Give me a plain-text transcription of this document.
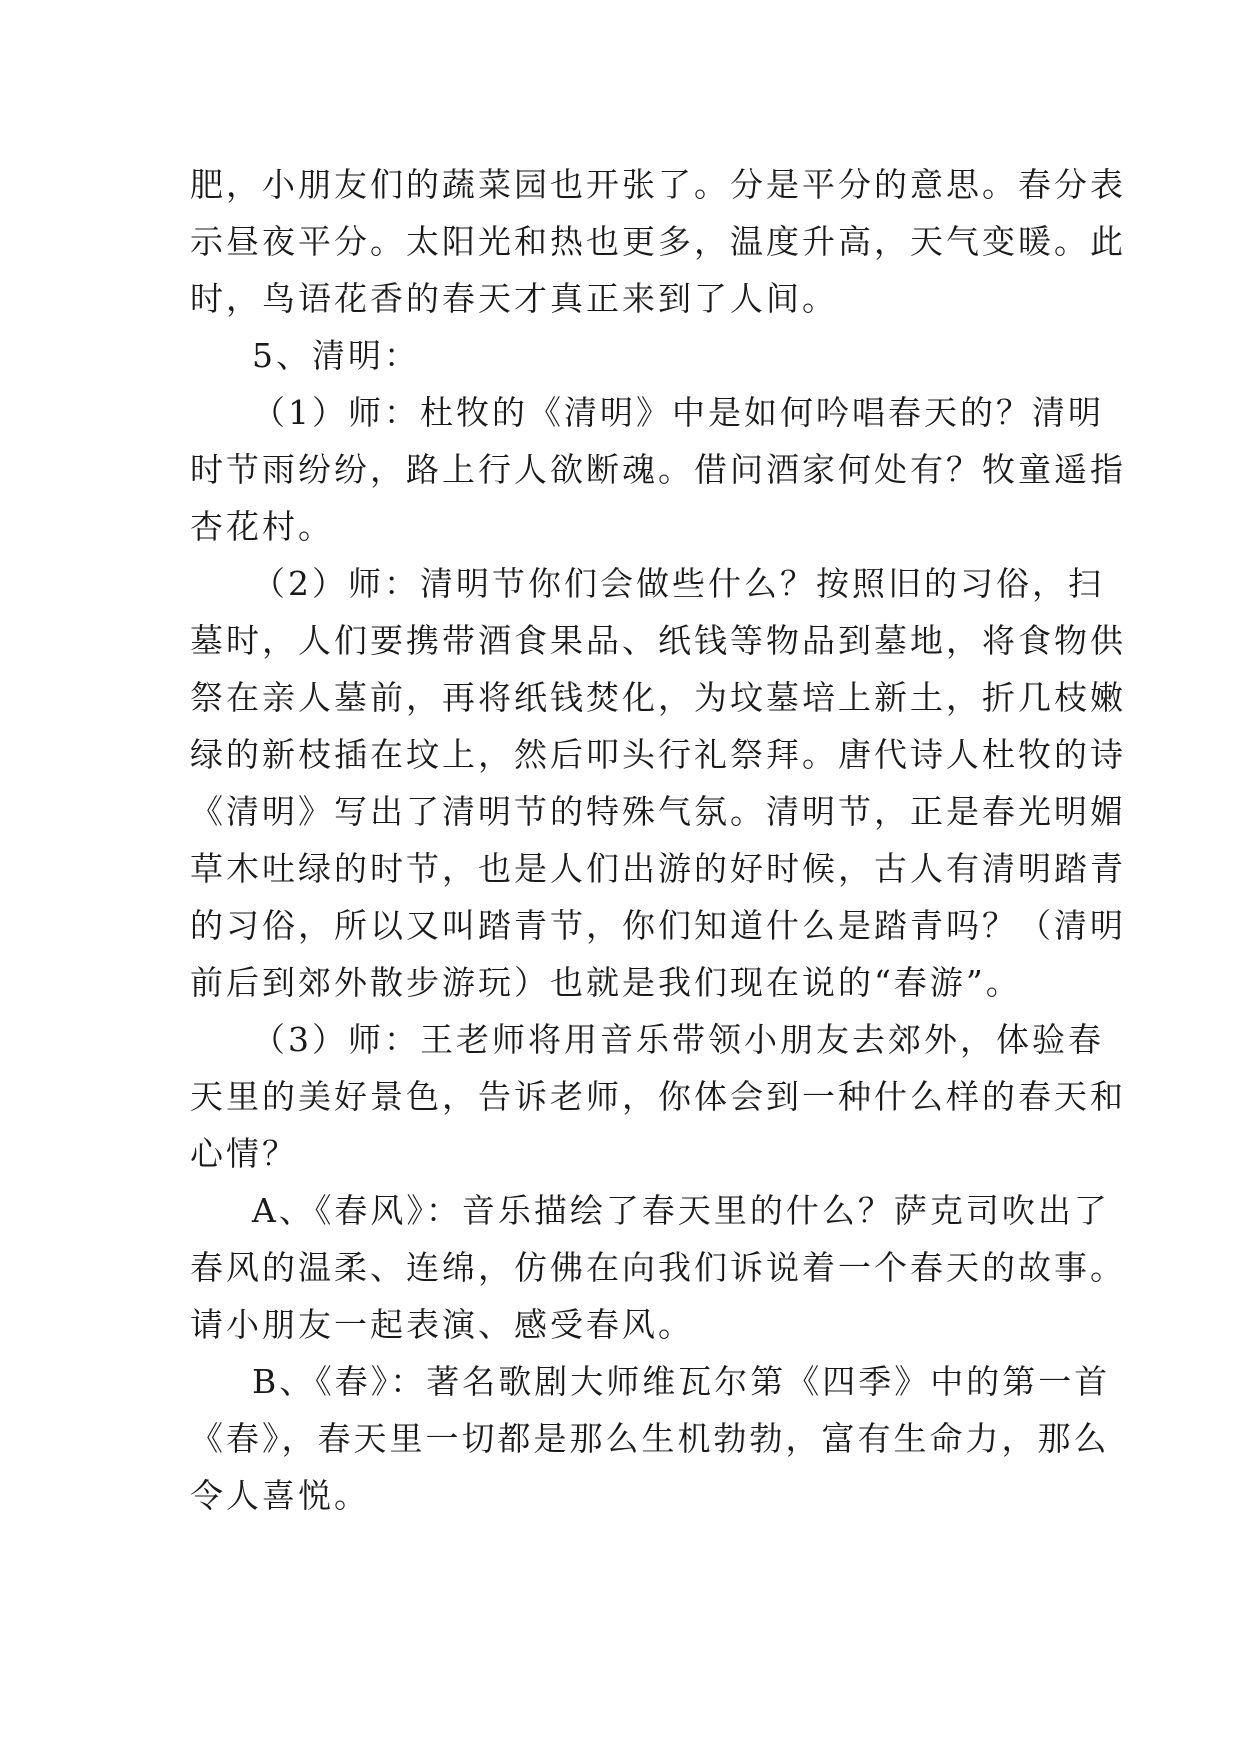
肥，小朋友们的蔬菜园也开张了。分是平分的意思。春分表
示昼夜平分。太阳光和热也更多，温度升高，天气变暖。此
时，鸟语花香的春天才真正来到了人间。
5、清明：
（1）师：杜牧的《清明》中是如何吟唱春天的？清明
时节雨纷纷，路上行人欲断魂。借问酒家何处有？牧童遥指
杏花村。
（2）师：清明节你们会做些什么？按照旧的习俗，扫
墓时，人们要携带酒食果品、纸钱等物品到墓地，将食物供
祭在亲人墓前，再将纸钱焚化，为坟墓培上新土，折几枝嫩
绿的新枝插在坟上，然后叩头行礼祭拜。唐代诗人杜牧的诗
《清明》写出了清明节的特殊气氛。清明节，正是春光明媚
草木吐绿的时节，也是人们出游的好时候，古人有清明踏青
的习俗，所以又叫踏青节，你们知道什么是踏青吗？（清明
前后到郊外散步游玩）也就是我们现在说的“春游”。
（3）师：王老师将用音乐带领小朋友去郊外，体验春
天里的美好景色，告诉老师，你体会到一种什么样的春天和
心情？
A、《春风》：音乐描绘了春天里的什么？萨克司吹出了
春风的温柔、连绵，仿佛在向我们诉说着一个春天的故事。
请小朋友一起表演、感受春风。
B、《春》：著名歌剧大师维瓦尔第《四季》中的第一首
《春》，春天里一切都是那么生机勃勃，富有生命力，那么
令人喜悦。
